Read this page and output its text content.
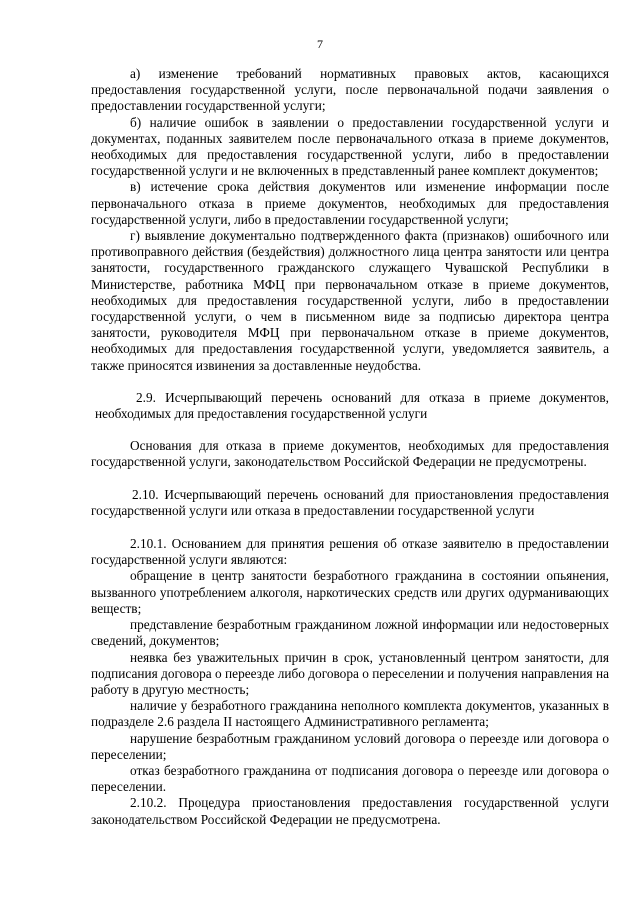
7

а) изменение требований нормативных правовых актов, касающихся предоставления государственной услуги, после первоначальной подачи заявления о предоставлении государственной услуги;

б) наличие ошибок в заявлении о предоставлении государственной услуги и документах, поданных заявителем после первоначального отказа в приеме документов, необходимых для предоставления государственной услуги, либо в предоставлении государственной услуги и не включенных в представленный ранее комплект документов;

в) истечение срока действия документов или изменение информации после первоначального отказа в приеме документов, необходимых для предоставления государственной услуги, либо в предоставлении государственной услуги;

г) выявление документально подтвержденного факта (признаков) ошибочного или противоправного действия (бездействия) должностного лица центра занятости или центра занятости, государственного гражданского служащего Чувашской Республики в Министерстве, работника МФЦ при первоначальном отказе в приеме документов, необходимых для предоставления государственной услуги, либо в предоставлении государственной услуги, о чем в письменном виде за подписью директора центра занятости, руководителя МФЦ при первоначальном отказе в приеме документов, необходимых для предоставления государственной услуги, уведомляется заявитель, а также приносятся извинения за доставленные неудобства.

2.9. Исчерпывающий перечень оснований для отказа в приеме документов, необходимых для предоставления государственной услуги

Основания для отказа в приеме документов, необходимых для предоставления государственной услуги, законодательством Российской Федерации не предусмотрены.

2.10. Исчерпывающий перечень оснований для приостановления предоставления государственной услуги или отказа в предоставлении государственной услуги

2.10.1. Основанием для принятия решения об отказе заявителю в предоставлении государственной услуги являются:

обращение в центр занятости безработного гражданина в состоянии опьянения, вызванного употреблением алкоголя, наркотических средств или других одурманивающих веществ;

представление безработным гражданином ложной информации или недостоверных сведений, документов;

неявка без уважительных причин в срок, установленный центром занятости, для подписания договора о переезде либо договора о переселении и получения направления на работу в другую местность;

наличие у безработного гражданина неполного комплекта документов, указанных в подразделе 2.6 раздела II настоящего Административного регламента;

нарушение безработным гражданином условий договора о переезде или договора о переселении;

отказ безработного гражданина от подписания договора о переезде или договора о переселении.

2.10.2. Процедура приостановления предоставления государственной услуги законодательством Российской Федерации не предусмотрена.
